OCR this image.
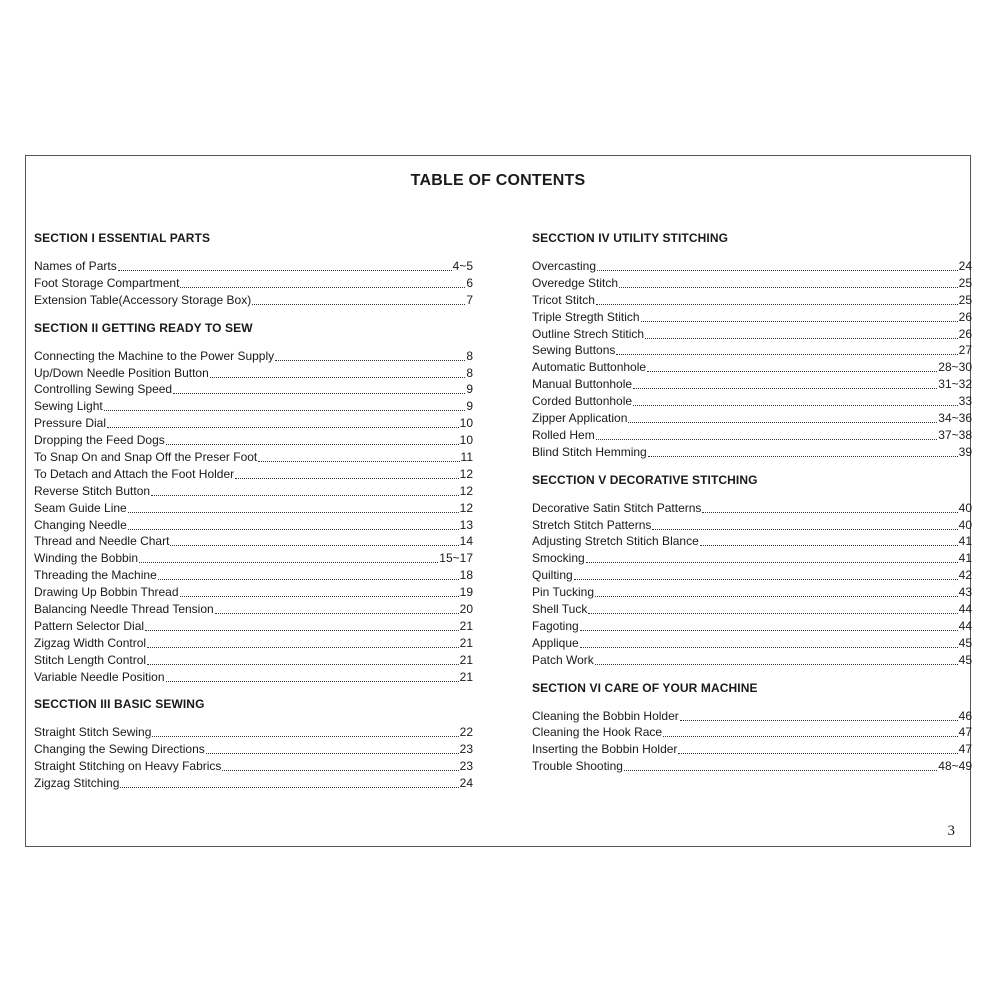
TABLE OF CONTENTS
SECTION I ESSENTIAL PARTS
Names of Parts	4~5
Foot Storage Compartment	6
Extension Table(Accessory Storage Box)	7
SECTION II GETTING READY TO SEW
Connecting the Machine to the Power Supply	8
Up/Down Needle Position Button	8
Controlling Sewing Speed	9
Sewing Light	9
Pressure Dial	10
Dropping the Feed Dogs	10
To Snap On and Snap Off the Preser Foot	11
To Detach and Attach the Foot Holder	12
Reverse Stitch Button	12
Seam Guide Line	12
Changing Needle	13
Thread and Needle Chart	14
Winding the Bobbin	15~17
Threading the Machine	18
Drawing Up Bobbin Thread	19
Balancing Needle Thread Tension	20
Pattern Selector Dial	21
Zigzag Width Control	21
Stitch Length Control	21
Variable Needle Position	21
SECCTION III BASIC SEWING
Straight Stitch Sewing	22
Changing the Sewing Directions	23
Straight Stitching on Heavy Fabrics	23
Zigzag Stitching	24
SECCTION IV UTILITY STITCHING
Overcasting	24
Overedge Stitch	25
Tricot Stitch	25
Triple Stregth Stitich	26
Outline Strech Stitich	26
Sewing Buttons	27
Automatic Buttonhole	28~30
Manual Buttonhole	31~32
Corded Buttonhole	33
Zipper Application	34~36
Rolled Hem	37~38
Blind Stitch Hemming	39
SECCTION V DECORATIVE STITCHING
Decorative Satin Stitch Patterns	40
Stretch Stitch Patterns	40
Adjusting Stretch Stitich Blance	41
Smocking	41
Quilting	42
Pin Tucking	43
Shell Tuck	44
Fagoting	44
Applique	45
Patch Work	45
SECTION VI CARE OF YOUR MACHINE
Cleaning the Bobbin Holder	46
Cleaning the Hook Race	47
Inserting the Bobbin Holder	47
Trouble Shooting	48~49
3
